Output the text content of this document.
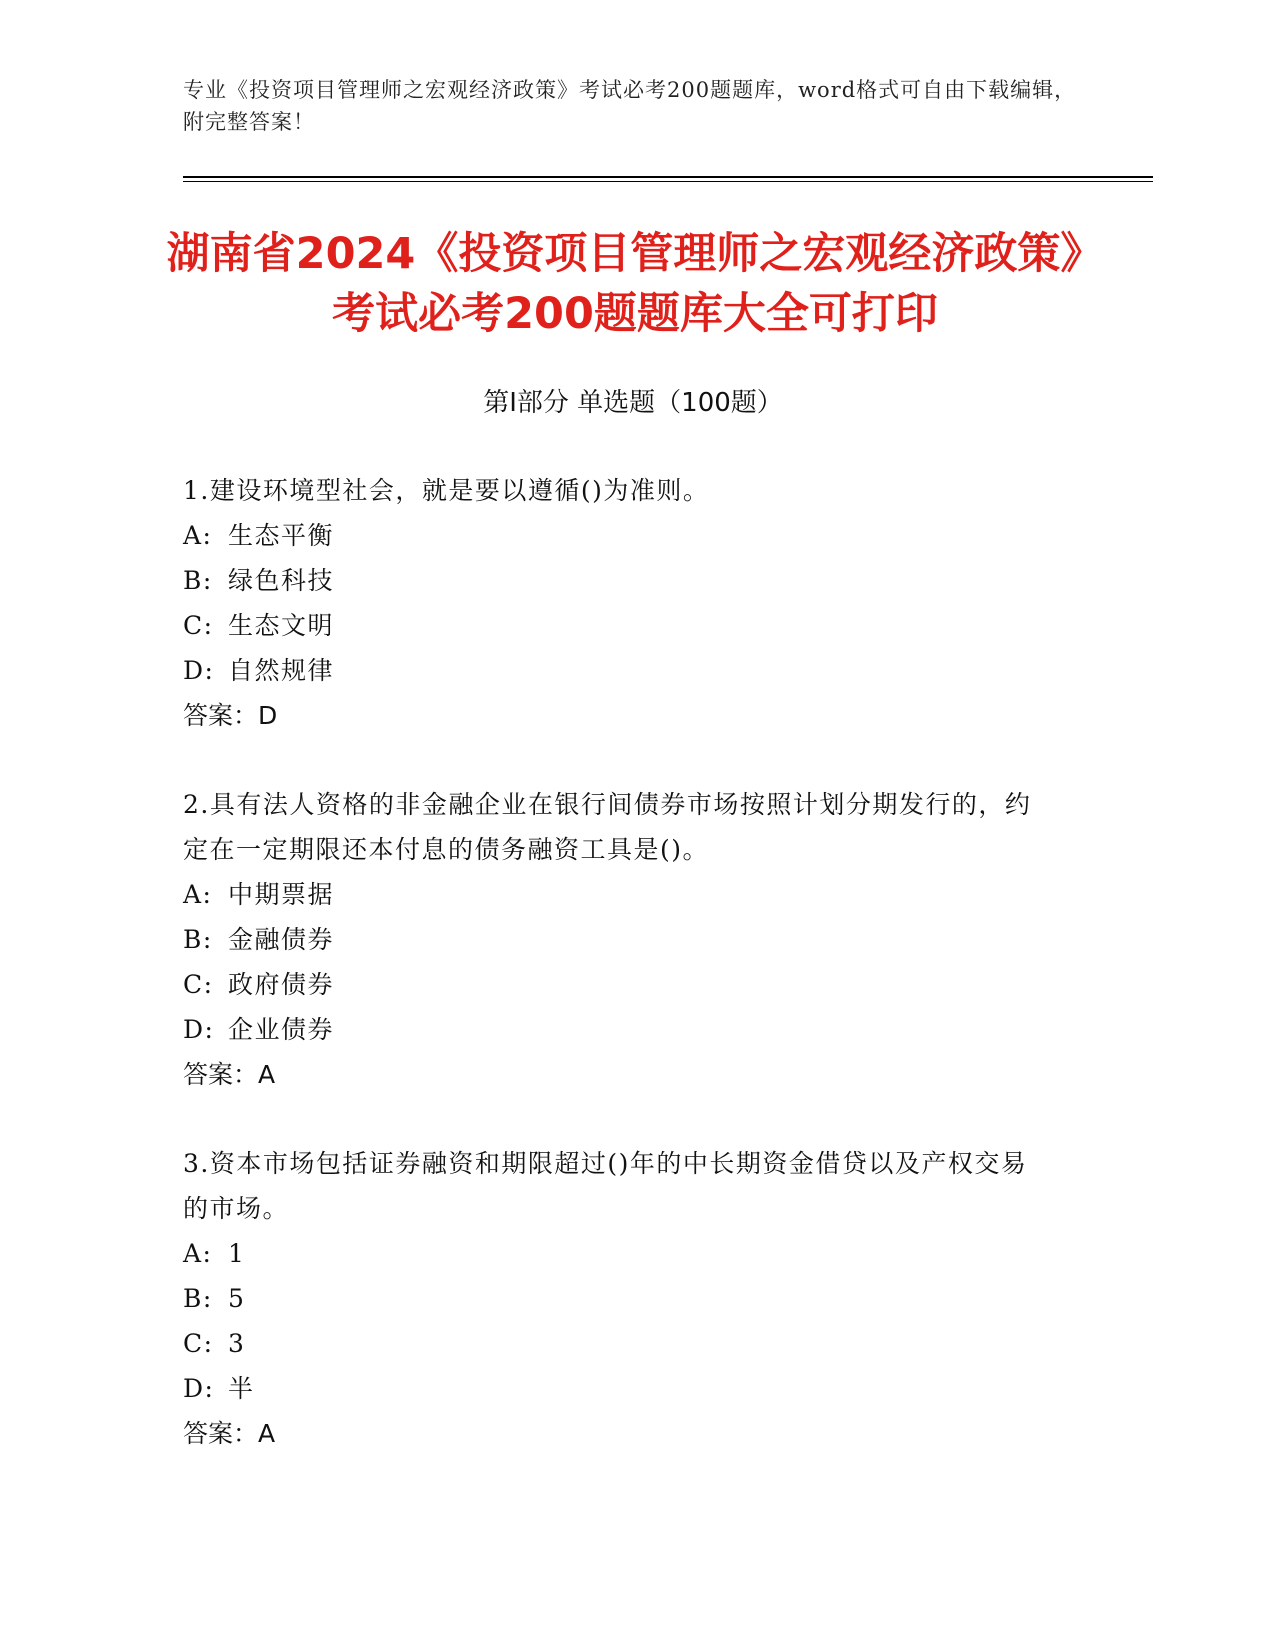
专业《投资项目管理师之宏观经济政策》考试必考200题题库，word格式可自由下载编辑，附完整答案！
湖南省2024《投资项目管理师之宏观经济政策》考试必考200题题库大全可打印
第Ⅰ部分 单选题（100题）
1.建设环境型社会，就是要以遵循()为准则。
A: 生态平衡
B: 绿色科技
C: 生态文明
D: 自然规律
答案：D
2.具有法人资格的非金融企业在银行间债券市场按照计划分期发行的，约定在一定期限还本付息的债务融资工具是()。
A: 中期票据
B: 金融债券
C: 政府债券
D: 企业债券
答案：A
3.资本市场包括证券融资和期限超过()年的中长期资金借贷以及产权交易的市场。
A: 1
B: 5
C: 3
D: 半
答案：A
